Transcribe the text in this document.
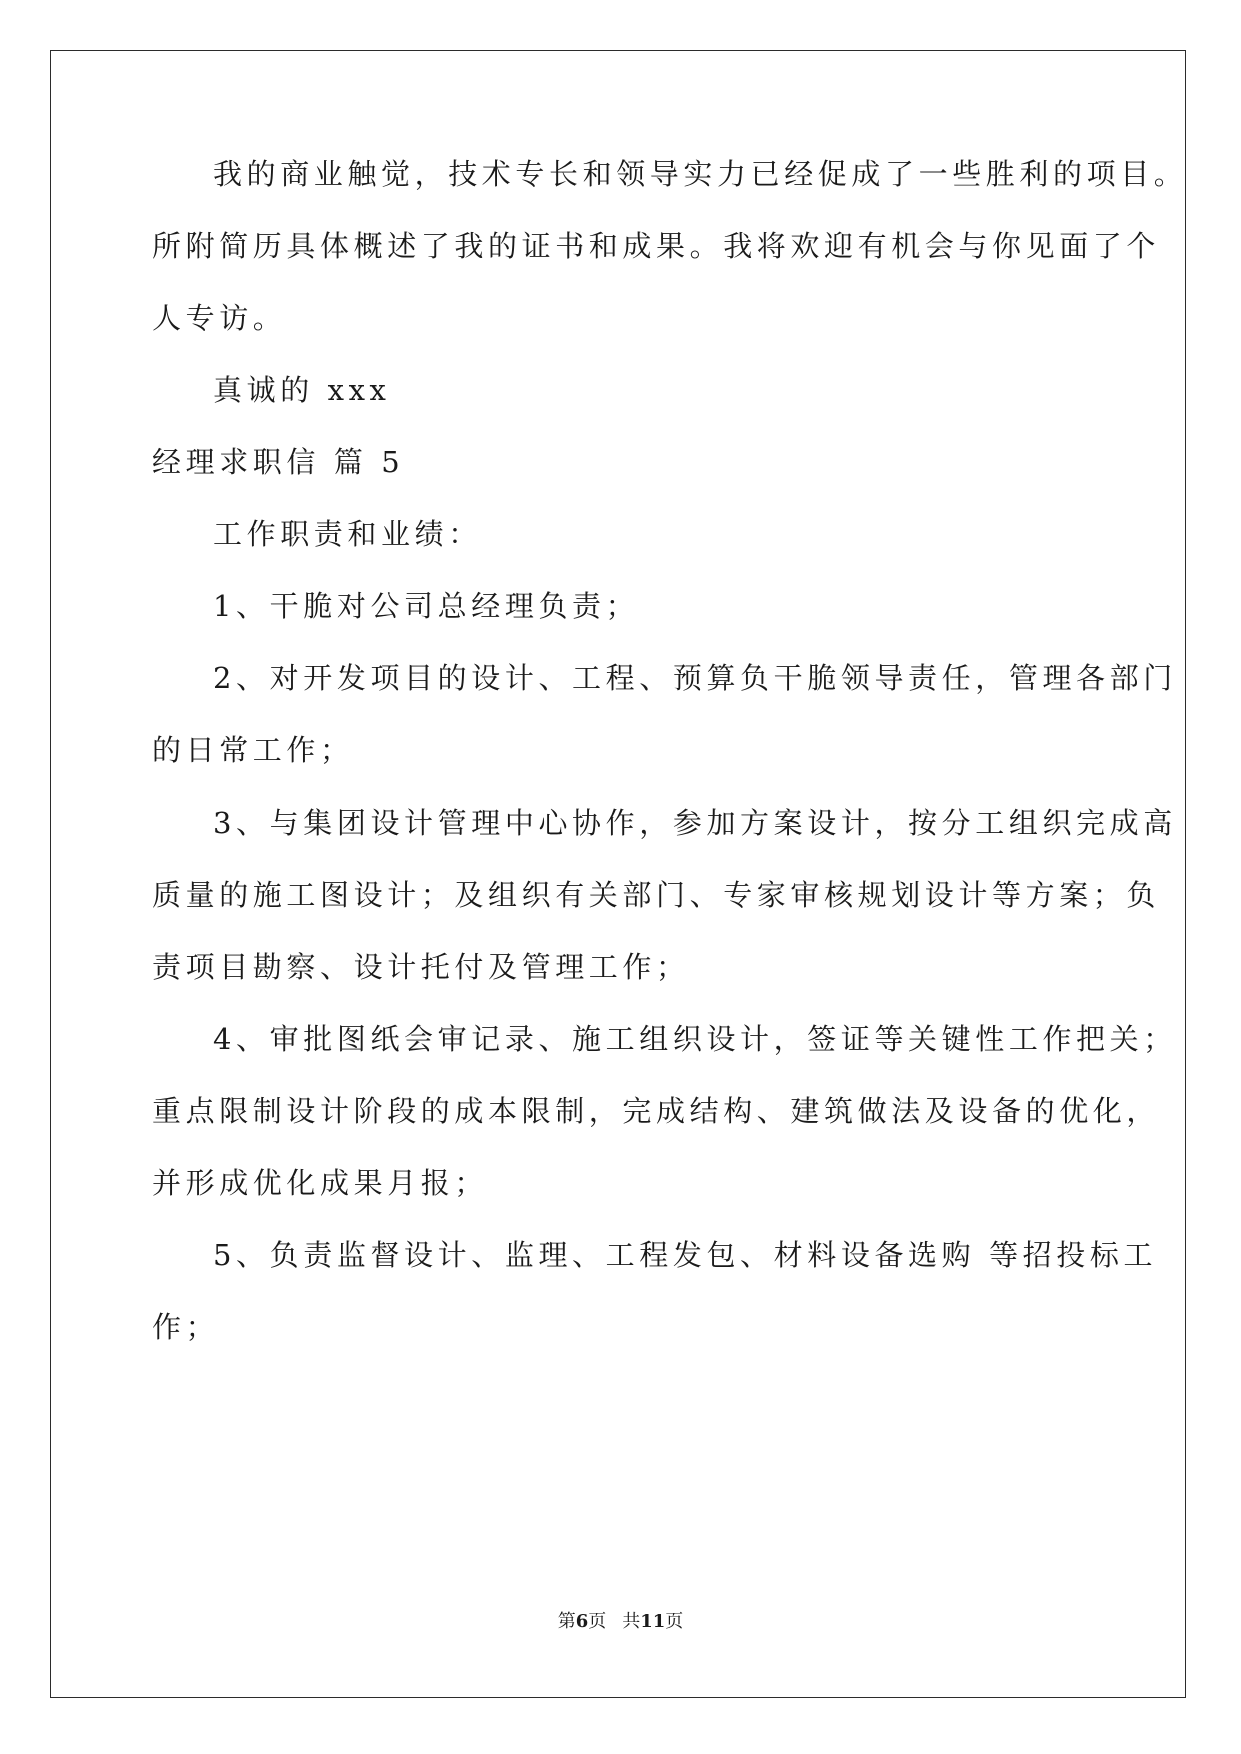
我的商业触觉，技术专长和领导实力已经促成了一些胜利的项目。
所附简历具体概述了我的证书和成果。我将欢迎有机会与你见面了个
人专访。
真诚的 xxx
经理求职信 篇 5
工作职责和业绩：
1、干脆对公司总经理负责；
2、对开发项目的设计、工程、预算负干脆领导责任，管理各部门
的日常工作；
3、与集团设计管理中心协作，参加方案设计，按分工组织完成高
质量的施工图设计；及组织有关部门、专家审核规划设计等方案；负
责项目勘察、设计托付及管理工作；
4、审批图纸会审记录、施工组织设计，签证等关键性工作把关；
重点限制设计阶段的成本限制，完成结构、建筑做法及设备的优化，
并形成优化成果月报；
5、负责监督设计、监理、工程发包、材料设备选购 等招投标工
作；
第6页 共11页
